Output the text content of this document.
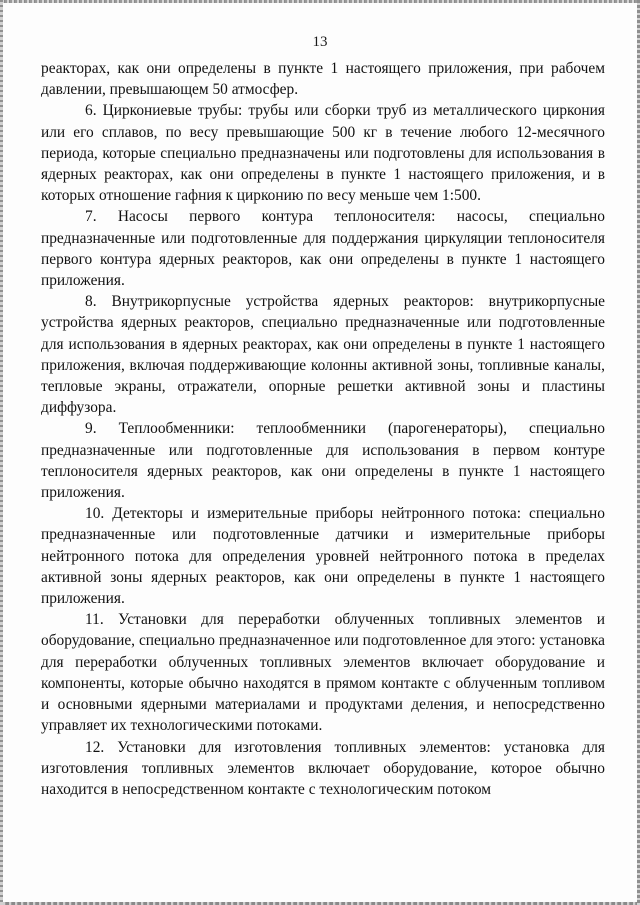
13

реакторах, как они определены в пункте 1 настоящего приложения, при рабочем давлении, превышающем 50 атмосфер.

6. Циркониевые трубы: трубы или сборки труб из металлического циркония или его сплавов, по весу превышающие 500 кг в течение любого 12-месячного периода, которые специально предназначены или подготовлены для использования в ядерных реакторах, как они определены в пункте 1 настоящего приложения, и в которых отношение гафния к цирконию по весу меньше чем 1:500.

7. Насосы первого контура теплоносителя: насосы, специально предназначенные или подготовленные для поддержания циркуляции теплоносителя первого контура ядерных реакторов, как они определены в пункте 1 настоящего приложения.

8. Внутрикорпусные устройства ядерных реакторов: внутрикорпусные устройства ядерных реакторов, специально предназначенные или подготовленные для использования в ядерных реакторах, как они определены в пункте 1 настоящего приложения, включая поддерживающие колонны активной зоны, топливные каналы, тепловые экраны, отражатели, опорные решетки активной зоны и пластины диффузора.

9. Теплообменники: теплообменники (парогенераторы), специально предназначенные или подготовленные для использования в первом контуре теплоносителя ядерных реакторов, как они определены в пункте 1 настоящего приложения.

10. Детекторы и измерительные приборы нейтронного потока: специально предназначенные или подготовленные датчики и измерительные приборы нейтронного потока для определения уровней нейтронного потока в пределах активной зоны ядерных реакторов, как они определены в пункте 1 настоящего приложения.

11. Установки для переработки облученных топливных элементов и оборудование, специально предназначенное или подготовленное для этого: установка для переработки облученных топливных элементов включает оборудование и компоненты, которые обычно находятся в прямом контакте с облученным топливом и основными ядерными материалами и продуктами деления, и непосредственно управляет их технологическими потоками.

12. Установки для изготовления топливных элементов: установка для изготовления топливных элементов включает оборудование, которое обычно находится в непосредственном контакте с технологическим потоком
